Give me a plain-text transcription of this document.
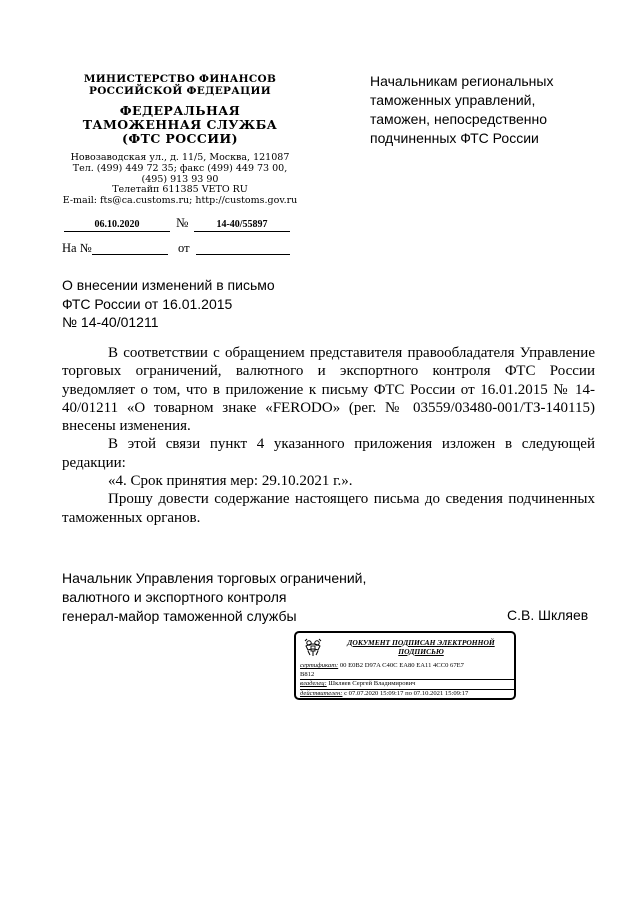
МИНИСТЕРСТВО ФИНАНСОВ
РОССИЙСКОЙ ФЕДЕРАЦИИ
ФЕДЕРАЛЬНАЯ
ТАМОЖЕННАЯ СЛУЖБА
(ФТС РОССИИ)
Новозаводская ул., д. 11/5, Москва, 121087
Тел. (499) 449 72 35; факс (499) 449 73 00,
(495) 913 93 90
Телетайп 611385 VETO RU
E-mail: fts@ca.customs.ru; http://customs.gov.ru
06.10.2020	№	14-40/55897
На №	от
Начальникам региональных
таможенных управлений,
таможен, непосредственно
подчиненных ФТС России
О внесении изменений в письмо
ФТС России от 16.01.2015
№ 14-40/01211

В соответствии с обращением представителя правообладателя Управление торговых ограничений, валютного и экспортного контроля ФТС России уведомляет о том, что в приложение к письму ФТС России от 16.01.2015 № 14-40/01211 «О товарном знаке «FERODO» (рег. № 03559/03480-001/ТЗ-140115) внесены изменения.

В этой связи пункт 4 указанного приложения изложен в следующей редакции:

«4. Срок принятия мер: 29.10.2021 г.».

Прошу довести содержание настоящего письма до сведения подчиненных таможенных органов.

Начальник Управления торговых ограничений,
валютного и экспортного контроля
генерал-майор таможенной службы	С.В. Шкляев
ДОКУМЕНТ ПОДПИСАН ЭЛЕКТРОННОЙ
ПОДПИСЬЮ
сертификат: 00 E0B2 D97A C40C EA80 EA11 4CC0 67E7
B812
владелец: Шкляев Сергей Владимирович
действителен: с 07.07.2020 15:09:17 по 07.10.2021 15:09:17
